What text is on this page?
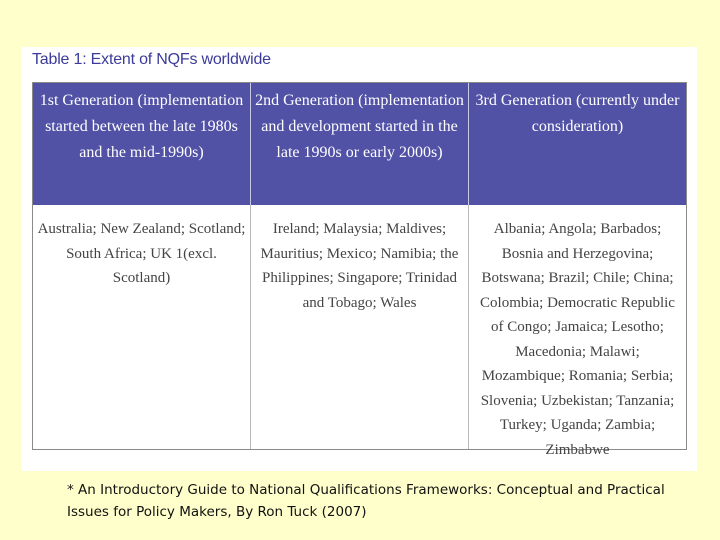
Table 1: Extent of NQFs worldwide
1st Generation (implementation started between the late 1980s and the mid-1990s)
2nd Generation (implementation and development started in the late 1990s or early 2000s)
3rd Generation (currently under consideration)
Australia; New Zealand; Scotland; South Africa; UK 1(excl. Scotland)
Ireland; Malaysia; Maldives; Mauritius; Mexico; Namibia; the Philippines; Singapore; Trinidad and Tobago; Wales
Albania; Angola; Barbados; Bosnia and Herzegovina; Botswana; Brazil; Chile; China; Colombia; Democratic Republic of Congo; Jamaica; Lesotho; Macedonia; Malawi; Mozambique; Romania; Serbia; Slovenia; Uzbekistan; Tanzania; Turkey; Uganda; Zambia; Zimbabwe
* An Introductory Guide to National Qualifications Frameworks: Conceptual and Practical Issues for Policy Makers, By Ron Tuck (2007)
